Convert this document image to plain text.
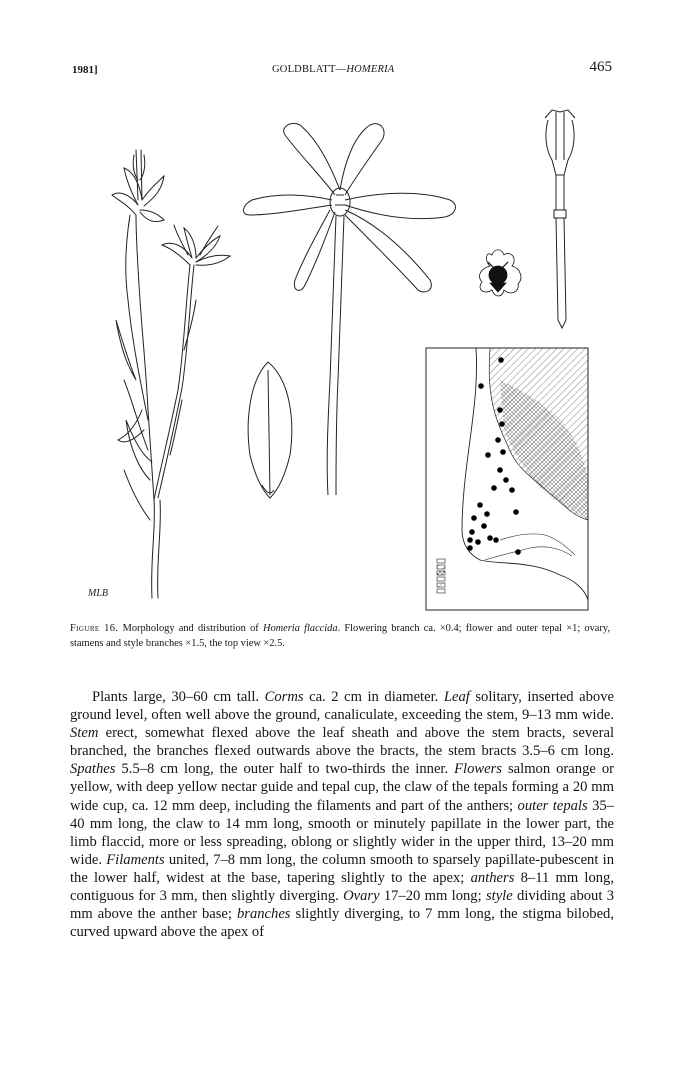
1981]	GOLDBLATT—HOMERIA	465
MLB
Figure 16. Morphology and distribution of Homeria flaccida. Flowering branch ca. ×0.4; flower and outer tepal ×1; ovary, stamens and style branches ×1.5, the top view ×2.5.

Plants large, 30–60 cm tall. Corms ca. 2 cm in diameter. Leaf solitary, inserted above ground level, often well above the ground, canaliculate, exceeding the stem, 9–13 mm wide. Stem erect, somewhat flexed above the leaf sheath and above the stem bracts, several branched, the branches flexed outwards above the bracts, the stem bracts 3.5–6 cm long. Spathes 5.5–8 cm long, the outer half to two-thirds the inner. Flowers salmon orange or yellow, with deep yellow nectar guide and tepal cup, the claw of the tepals forming a 20 mm wide cup, ca. 12 mm deep, including the filaments and part of the anthers; outer tepals 35–40 mm long, the claw to 14 mm long, smooth or minutely papillate in the lower part, the limb flaccid, more or less spreading, oblong or slightly wider in the upper third, 13–20 mm wide. Filaments united, 7–8 mm long, the column smooth to sparsely papillate-pubescent in the lower half, widest at the base, tapering slightly to the apex; anthers 8–11 mm long, contiguous for 3 mm, then slightly diverging. Ovary 17–20 mm long; style dividing about 3 mm above the anther base; branches slightly diverging, to 7 mm long, the stigma bilobed, curved upward above the apex of
